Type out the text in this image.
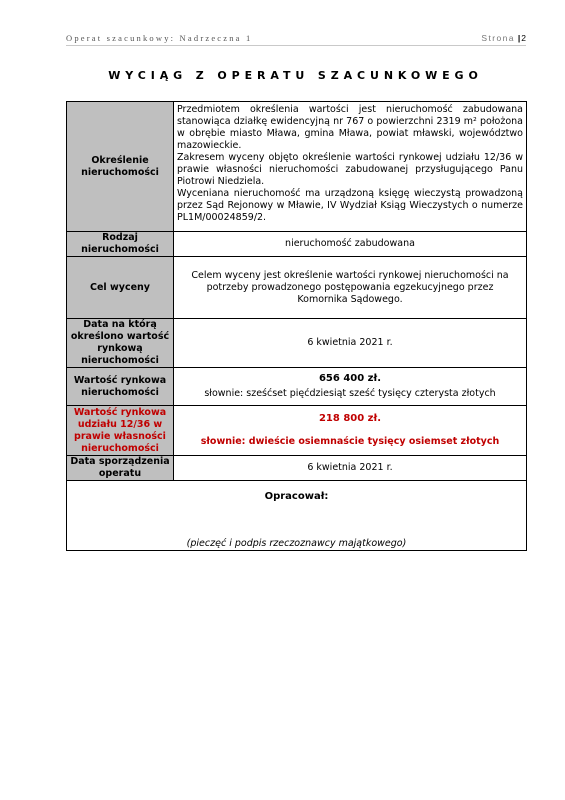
Operat szacunkowy: Nadrzeczna 1	Strona |2
WYCIĄG Z OPERATU SZACUNKOWEGO
Określenie nieruchomości	Przedmiotem określenia wartości jest nieruchomość zabudowana stanowiąca działkę ewidencyjną nr 767 o powierzchni 2319 m² położona w obrębie miasto Mława, gmina Mława, powiat mławski, województwo mazowieckie.

Zakresem wyceny objęto określenie wartości rynkowej udziału 12/36 w prawie własności nieruchomości zabudowanej przysługującego Panu Piotrowi Niedziela.

Wyceniana nieruchomość ma urządzoną księgę wieczystą prowadzoną przez Sąd Rejonowy w Mławie, IV Wydział Ksiąg Wieczystych o numerze PL1M/00024859/2.

Rodzaj nieruchomości	nieruchomość zabudowana
Cel wyceny	Celem wyceny jest określenie wartości rynkowej nieruchomości na potrzeby prowadzonego postępowania egzekucyjnego przez Komornika Sądowego.
Data na którą określono wartość rynkową nieruchomości	6 kwietnia 2021 r.
Wartość rynkowa nieruchomości	656 400 zł.
słownie: sześćset pięćdziesiąt sześć tysięcy czterysta złotych

Wartość rynkowa udziału 12/36 w prawie własności nieruchomości	218 800 zł.
słownie: dwieście osiemnaście tysięcy osiemset złotych

Data sporządzenia operatu	6 kwietnia 2021 r.

Opracował:
(pieczęć i podpis rzeczoznawcy majątkowego)	
